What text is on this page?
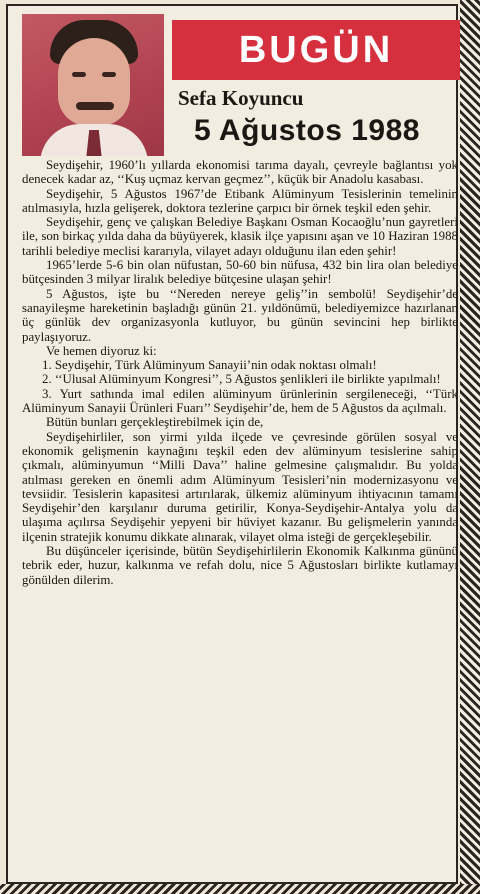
BUGÜN
Sefa Koyuncu
5 Ağustos 1988

Seydişehir, 1960’lı yıllarda ekonomisi tarıma dayalı, çevreyle bağlantısı yok denecek kadar az, ‘‘Kuş uçmaz kervan geçmez’’, küçük bir Anadolu kasabası.

Seydişehir, 5 Ağustos 1967’de Etibank Alüminyum Tesislerinin temelinin atılmasıyla, hızla gelişerek, doktora tezlerine çarpıcı bir örnek teşkil eden şehir.

Seydişehir, genç ve çalışkan Belediye Başkanı Osman Kocaoğlu’nun gayretleri ile, son birkaç yılda daha da büyüyerek, klasik ilçe yapısını aşan ve 10 Haziran 1988 tarihli belediye meclisi kararıyla, vilayet adayı olduğunu ilan eden şehir!

1965’lerde 5-6 bin olan nüfustan, 50-60 bin nüfusa, 432 bin lira olan belediye bütçesinden 3 milyar liralık belediye bütçesine ulaşan şehir!

5 Ağustos, işte bu ‘‘Nereden nereye geliş’’in sembolü! Seydişehir’de sanayileşme hareketinin başladığı günün 21. yıldönümü, belediyemizce hazırlanan üç günlük dev organizasyonla kutluyor, bu günün sevincini hep birlikte paylaşıyoruz.

Ve hemen diyoruz ki:

1. Seydişehir, Türk Alüminyum Sanayii’nin odak noktası olmalı!

2. ‘‘Ulusal Alüminyum Kongresi’’, 5 Ağustos şenlikleri ile birlikte yapılmalı!

3. Yurt sathında imal edilen alüminyum ürünlerinin sergileneceği, ‘‘Türk Alüminyum Sanayii Ürünleri Fuarı’’ Seydişehir’de, hem de 5 Ağustos da açılmalı.

Bütün bunları gerçekleştirebilmek için de,

Seydişehirliler, son yirmi yılda ilçede ve çevresinde görülen sosyal ve ekonomik gelişmenin kaynağını teşkil eden dev alüminyum tesislerine sahip çıkmalı, alüminyumun ‘‘Milli Dava’’ haline gelmesine çalışmalıdır. Bu yolda atılması gereken en önemli adım Alüminyum Tesisleri’nin modernizasyonu ve tevsiidir. Tesislerin kapasitesi artırılarak, ülkemiz alüminyum ihtiyacının tamamı Seydişehir’den karşılanır duruma getirilir, Konya-Seydişehir-Antalya yolu da ulaşıma açılırsa Seydişehir yepyeni bir hüviyet kazanır. Bu gelişmelerin yanında ilçenin stratejik konumu dikkate alınarak, vilayet olma isteği de gerçekleşebilir.

Bu düşünceler içerisinde, bütün Seydişehirlilerin Ekonomik Kalkınma gününü tebrik eder, huzur, kalkınma ve refah dolu, nice 5 Ağustosları birlikte kutlamayı gönülden dilerim.
